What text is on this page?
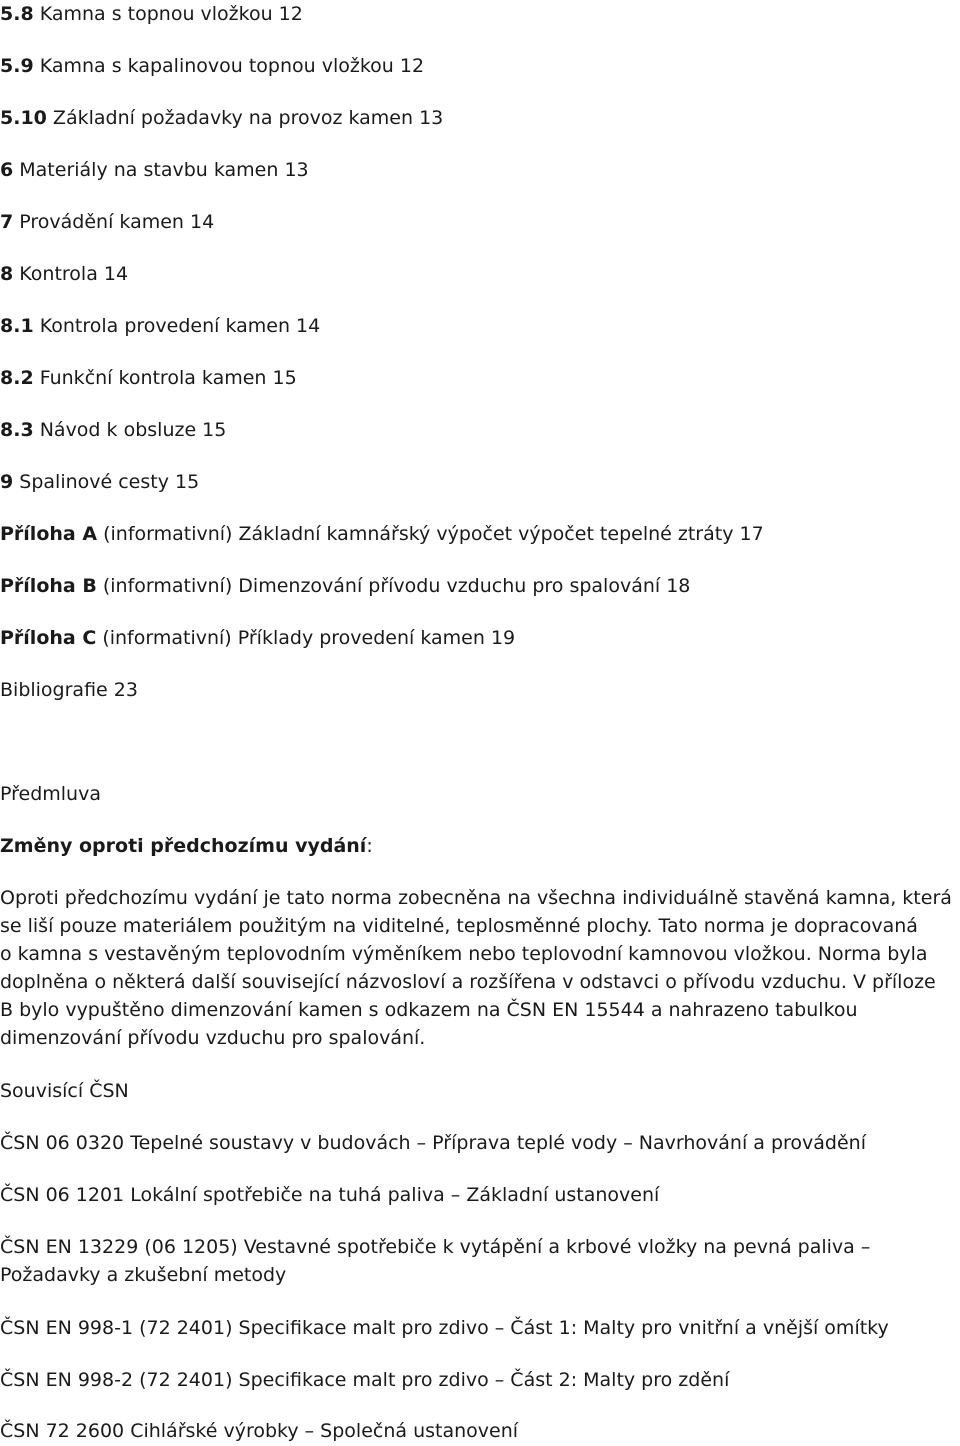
5.8 Kamna s topnou vložkou 12
5.9 Kamna s kapalinovou topnou vložkou 12
5.10 Základní požadavky na provoz kamen 13
6 Materiály na stavbu kamen 13
7 Provádění kamen 14
8 Kontrola 14
8.1 Kontrola provedení kamen 14
8.2 Funkční kontrola kamen 15
8.3 Návod k obsluze 15
9 Spalinové cesty 15
Příloha A (informativní) Základní kamnářský výpočet výpočet tepelné ztráty 17
Příloha B (informativní) Dimenzování přívodu vzduchu pro spalování 18
Příloha C (informativní) Příklady provedení kamen 19
Bibliografie 23
Předmluva
Změny oproti předchozímu vydání:
Oproti předchozímu vydání je tato norma zobecněna na všechna individuálně stavěná kamna, která
se liší pouze materiálem použitým na viditelné, teplosměnné plochy. Tato norma je dopracovaná
o kamna s vestavěným teplovodním výměníkem nebo teplovodní kamnovou vložkou. Norma byla
doplněna o některá další související názvosloví a rozšířena v odstavci o přívodu vzduchu. V příloze
B bylo vypuštěno dimenzování kamen s odkazem na ČSN EN 15544 a nahrazeno tabulkou
dimenzování přívodu vzduchu pro spalování.
Souvisící ČSN
ČSN 06 0320 Tepelné soustavy v budovách – Příprava teplé vody – Navrhování a provádění
ČSN 06 1201 Lokální spotřebiče na tuhá paliva – Základní ustanovení
ČSN EN 13229 (06 1205) Vestavné spotřebiče k vytápění a krbové vložky na pevná paliva –
Požadavky a zkušební metody
ČSN EN 998-1 (72 2401) Specifikace malt pro zdivo – Část 1: Malty pro vnitřní a vnější omítky
ČSN EN 998-2 (72 2401) Specifikace malt pro zdivo – Část 2: Malty pro zdění
ČSN 72 2600 Cihlářské výrobky – Společná ustanovení
